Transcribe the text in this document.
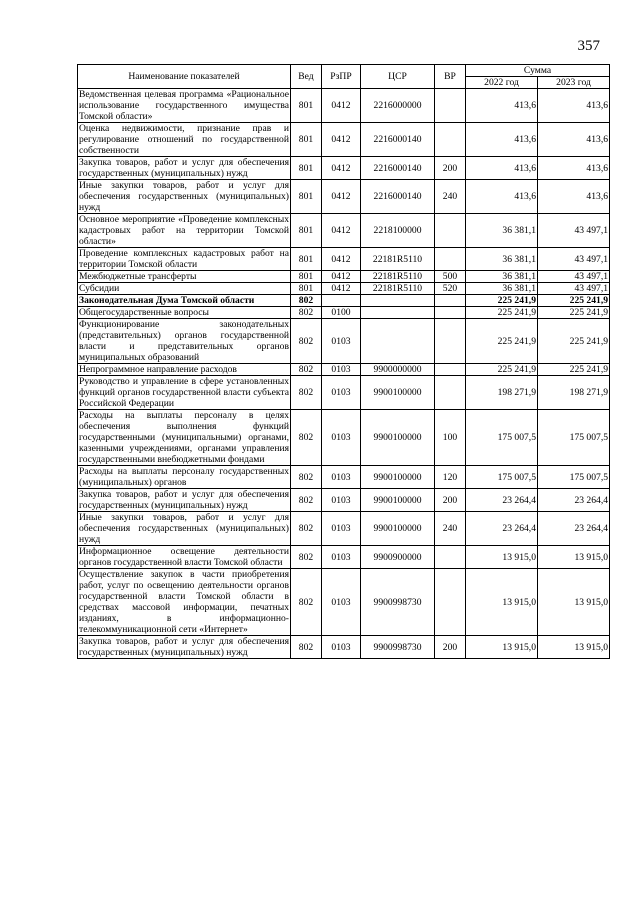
357
Наименование показателей	Вед	РзПР	ЦСР	ВР	Сумма	
					2022 год	2023 год
Ведомственная целевая программа «Рациональное использование государственного имущества Томской области»	801	0412	2216000000		413,6	413,6
Оценка недвижимости, признание прав и регулирование отношений по государственной собственности	801	0412	2216000140		413,6	413,6
Закупка товаров, работ и услуг для обеспечения государственных (муниципальных) нужд	801	0412	2216000140	200	413,6	413,6
Иные закупки товаров, работ и услуг для обеспечения государственных (муниципальных) нужд	801	0412	2216000140	240	413,6	413,6
Основное мероприятие «Проведение комплексных кадастровых работ на территории Томской области»	801	0412	2218100000		36 381,1	43 497,1
Проведение комплексных кадастровых работ на территории Томской области	801	0412	22181R5110		36 381,1	43 497,1
Межбюджетные трансферты	801	0412	22181R5110	500	36 381,1	43 497,1
Субсидии	801	0412	22181R5110	520	36 381,1	43 497,1
Законодательная Дума Томской области	802				225 241,9	225 241,9
Общегосударственные вопросы	802	0100			225 241,9	225 241,9
Функционирование законодательных (представительных) органов государственной власти и представительных органов муниципальных образований	802	0103			225 241,9	225 241,9
Непрограммное направление расходов	802	0103	9900000000		225 241,9	225 241,9
Руководство и управление в сфере установленных функций органов государственной власти субъекта Российской Федерации	802	0103	9900100000		198 271,9	198 271,9
Расходы на выплаты персоналу в целях обеспечения выполнения функций государственными (муниципальными) органами, казенными учреждениями, органами управления государственными внебюджетными фондами	802	0103	9900100000	100	175 007,5	175 007,5
Расходы на выплаты персоналу государственных (муниципальных) органов	802	0103	9900100000	120	175 007,5	175 007,5
Закупка товаров, работ и услуг для обеспечения государственных (муниципальных) нужд	802	0103	9900100000	200	23 264,4	23 264,4
Иные закупки товаров, работ и услуг для обеспечения государственных (муниципальных) нужд	802	0103	9900100000	240	23 264,4	23 264,4
Информационное освещение деятельности органов государственной власти Томской области	802	0103	9900900000		13 915,0	13 915,0
Осуществление закупок в части приобретения работ, услуг по освещению деятельности органов государственной власти Томской области в средствах массовой информации, печатных изданиях, в информационно-телекоммуникационной сети «Интернет»	802	0103	9900998730		13 915,0	13 915,0
Закупка товаров, работ и услуг для обеспечения государственных (муниципальных) нужд	802	0103	9900998730	200	13 915,0	13 915,0
